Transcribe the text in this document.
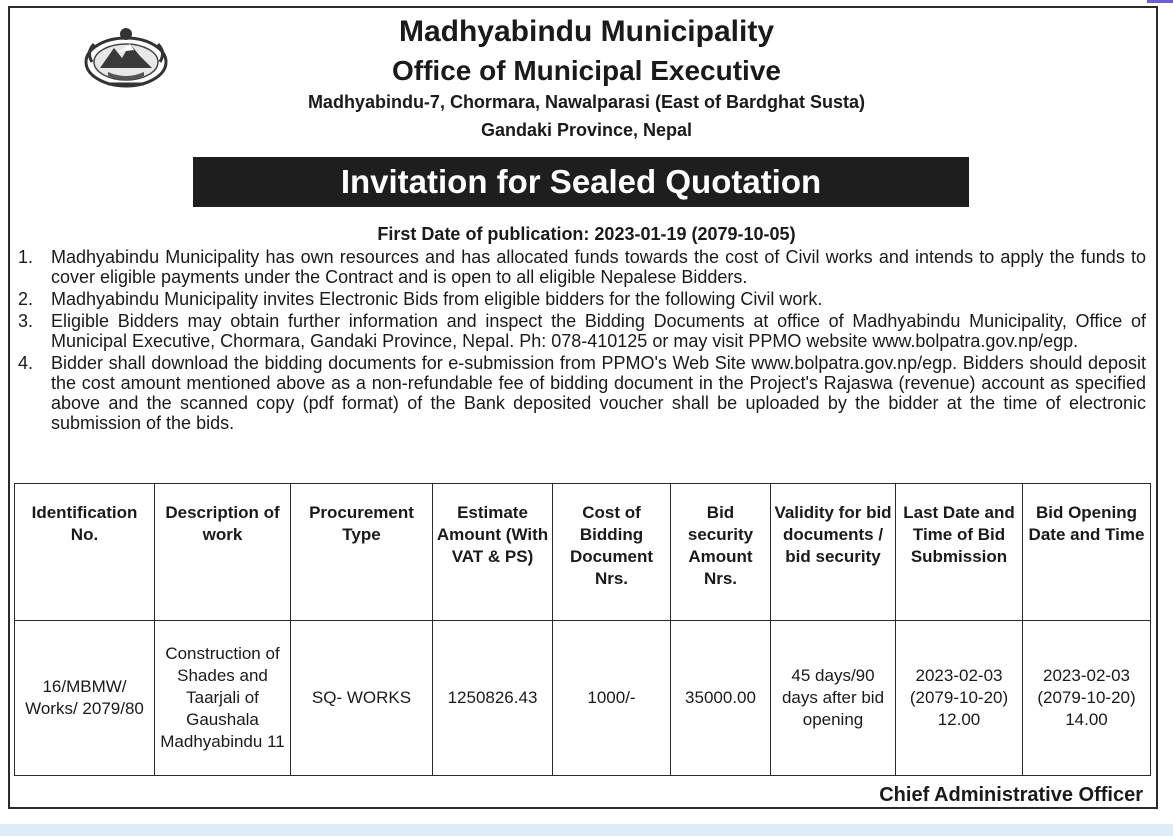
Madhyabindu Municipality
Office of Municipal Executive
Madhyabindu-7, Chormara, Nawalparasi (East of Bardghat Susta)
Gandaki Province, Nepal
Invitation for Sealed Quotation
First Date of publication: 2023-01-19 (2079-10-05)
1. Madhyabindu Municipality has own resources and has allocated funds towards the cost of Civil works and intends to apply the funds to cover eligible payments under the Contract and is open to all eligible Nepalese Bidders.
2. Madhyabindu Municipality invites Electronic Bids from eligible bidders for the following Civil work.
3. Eligible Bidders may obtain further information and inspect the Bidding Documents at office of Madhyabindu Municipality, Office of Municipal Executive, Chormara, Gandaki Province, Nepal. Ph: 078-410125 or may visit PPMO website www.bolpatra.gov.np/egp.
4. Bidder shall download the bidding documents for e-submission from PPMO's Web Site www.bolpatra.gov.np/egp. Bidders should deposit the cost amount mentioned above as a non-refundable fee of bidding document in the Project's Rajaswa (revenue) account as specified above and the scanned copy (pdf format) of the Bank deposited voucher shall be uploaded by the bidder at the time of electronic submission of the bids.
Identification No.	Description of work	Procurement Type	Estimate Amount (With VAT & PS)	Cost of Bidding Document Nrs.	Bid security Amount Nrs.	Validity for bid documents / bid security	Last Date and Time of Bid Submission	Bid Opening Date and Time
16/MBMW/ Works/ 2079/80	Construction of Shades and Taarjali of Gaushala Madhyabindu 11	SQ- WORKS	1250826.43	1000/-	35000.00	45 days/90 days after bid opening	2023-02-03 (2079-10-20) 12.00	2023-02-03 (2079-10-20) 14.00
Chief Administrative Officer
